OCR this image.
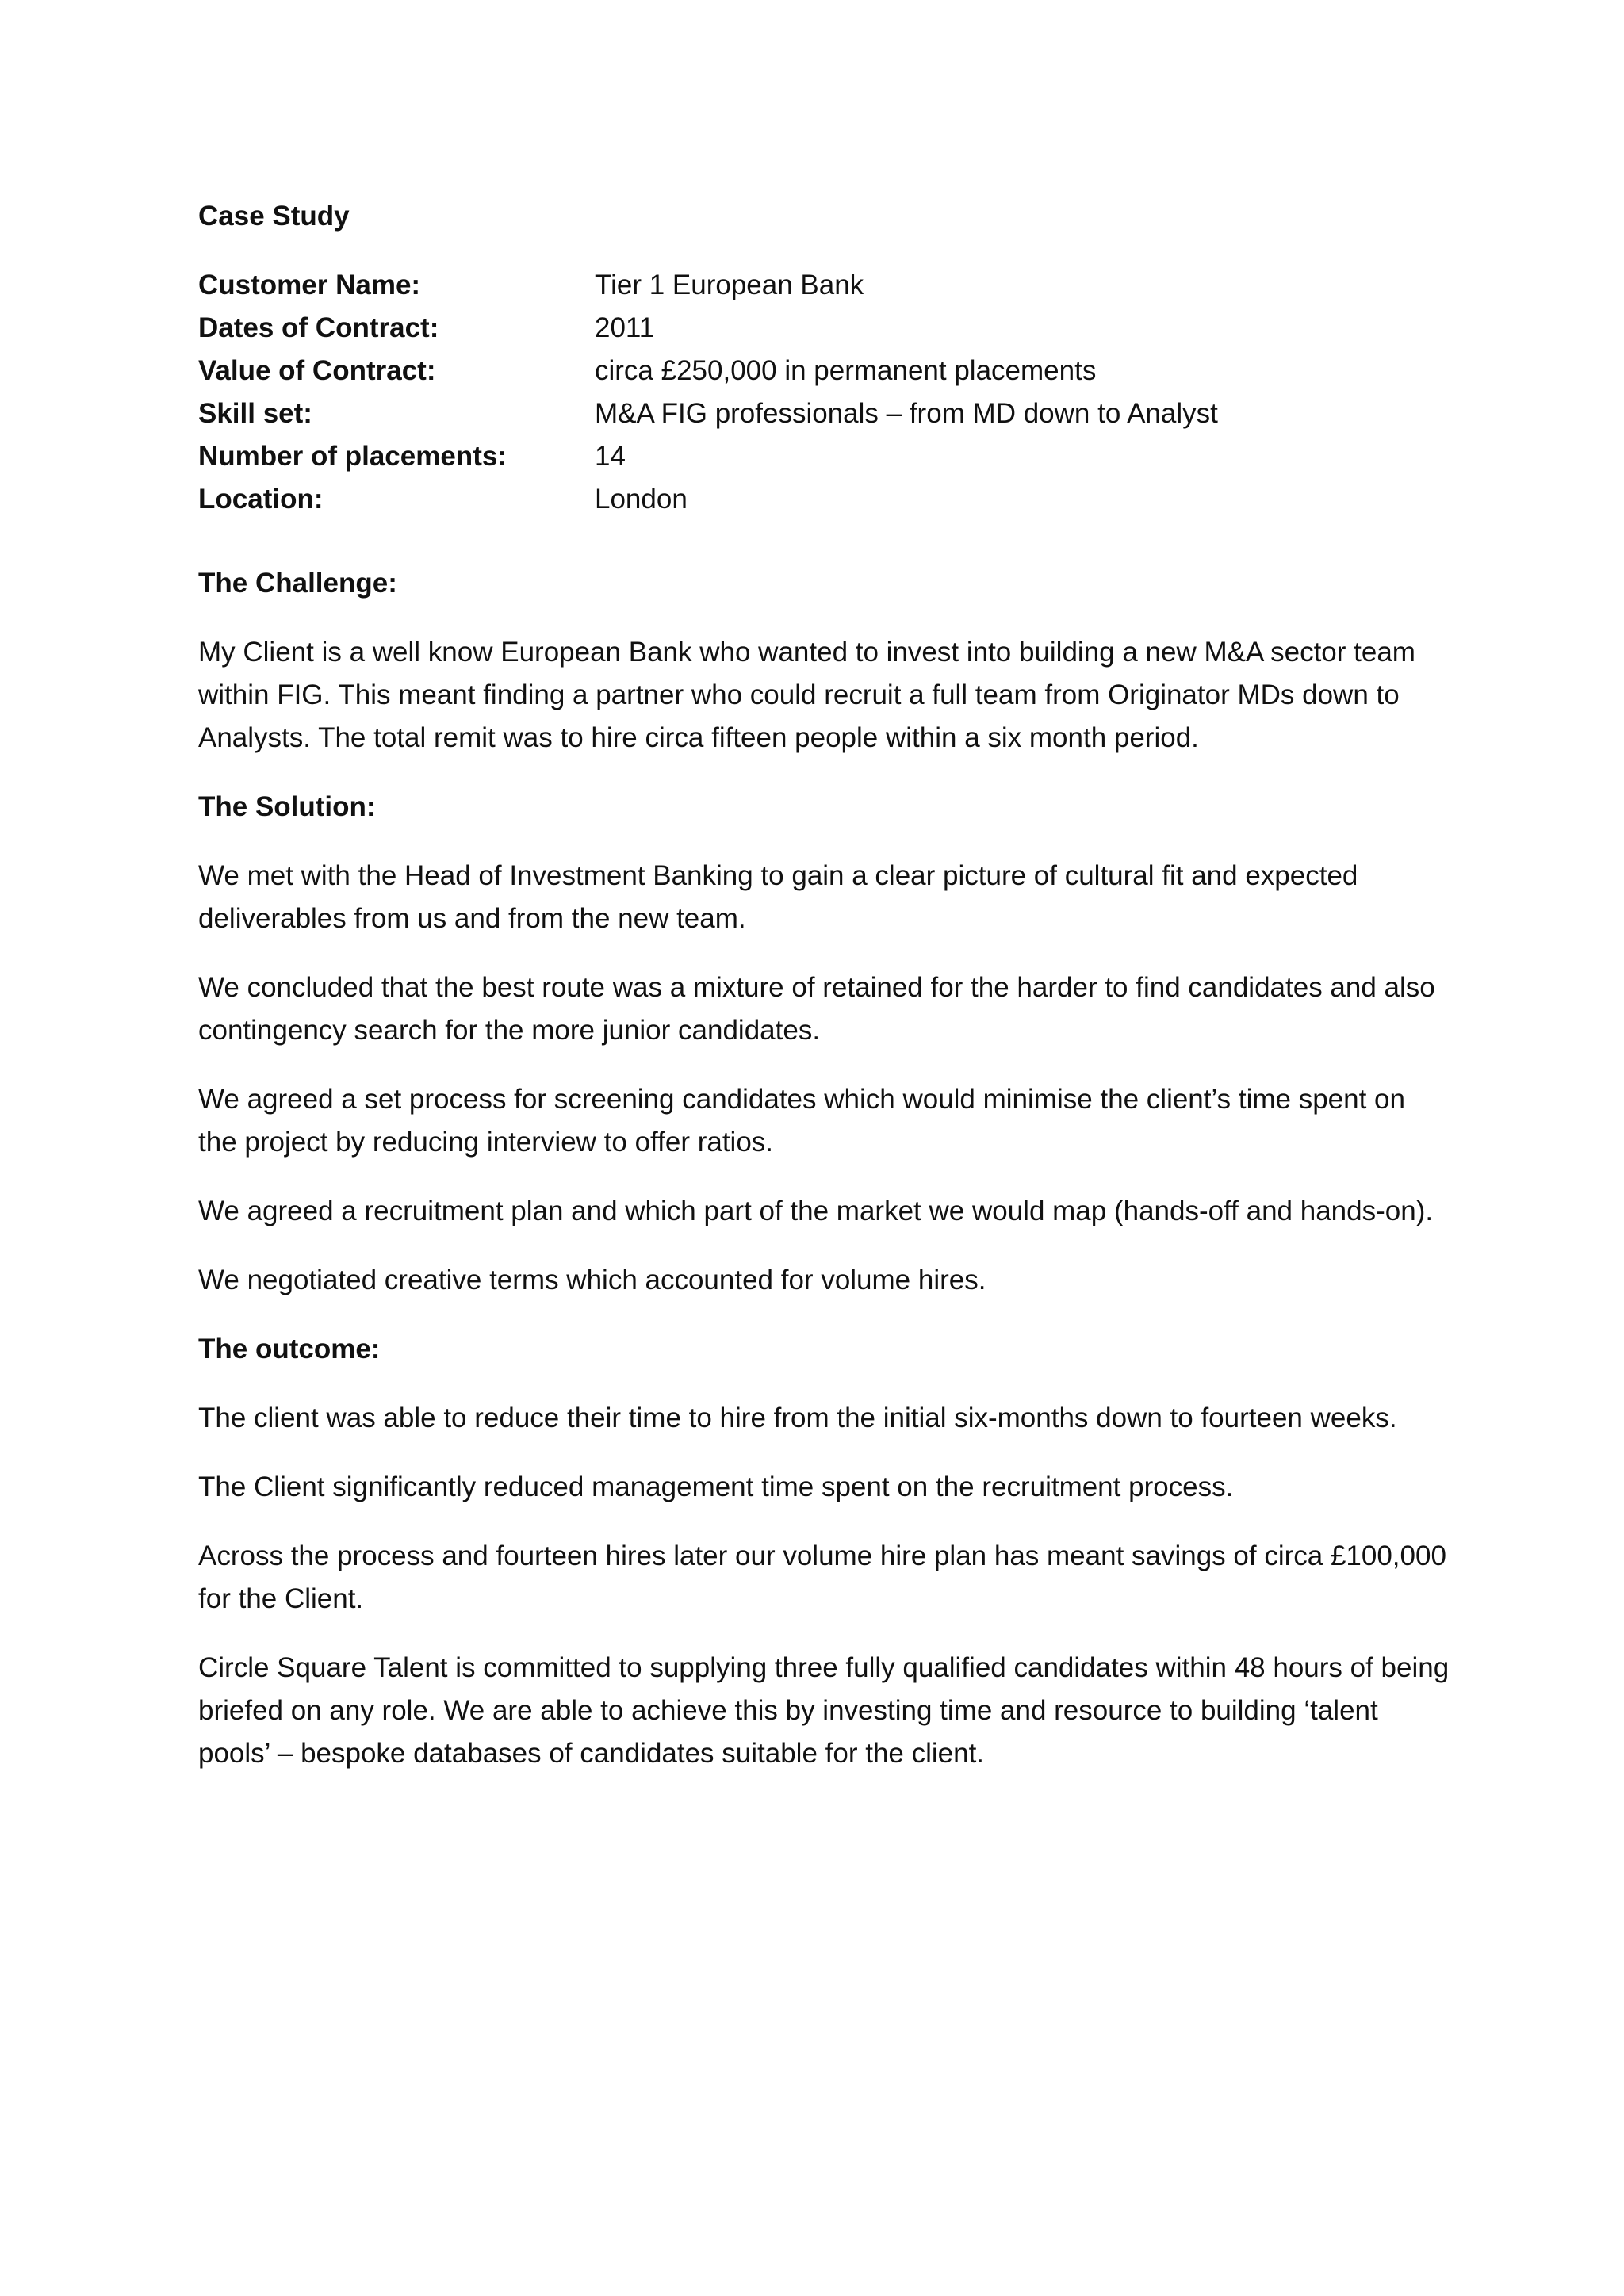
Case Study
Customer Name:	Tier 1 European Bank
Dates of Contract:	2011
Value of Contract:	circa £250,000 in permanent placements
Skill set:	M&A FIG professionals – from MD down to Analyst
Number of placements:	14
Location:	London
The Challenge:

My Client is a well know European Bank who wanted to invest into building a new M&A sector team within FIG. This meant finding a partner who could recruit a full team from Originator MDs down to Analysts. The total remit was to hire circa fifteen people within a six month period.

The Solution:

We met with the Head of Investment Banking to gain a clear picture of cultural fit and expected deliverables from us and from the new team.

We concluded that the best route was a mixture of retained for the harder to find candidates and also contingency search for the more junior candidates.

We agreed a set process for screening candidates which would minimise the client’s time spent on the project by reducing interview to offer ratios.

We agreed a recruitment plan and which part of the market we would map (hands-off and hands-on).

We negotiated creative terms which accounted for volume hires.

The outcome:

The client was able to reduce their time to hire from the initial six-months down to fourteen weeks.

The Client significantly reduced management time spent on the recruitment process.

Across the process and fourteen hires later our volume hire plan has meant savings of circa £100,000 for the Client.

Circle Square Talent is committed to supplying three fully qualified candidates within 48 hours of being briefed on any role. We are able to achieve this by investing time and resource to building ‘talent pools’ – bespoke databases of candidates suitable for the client.
